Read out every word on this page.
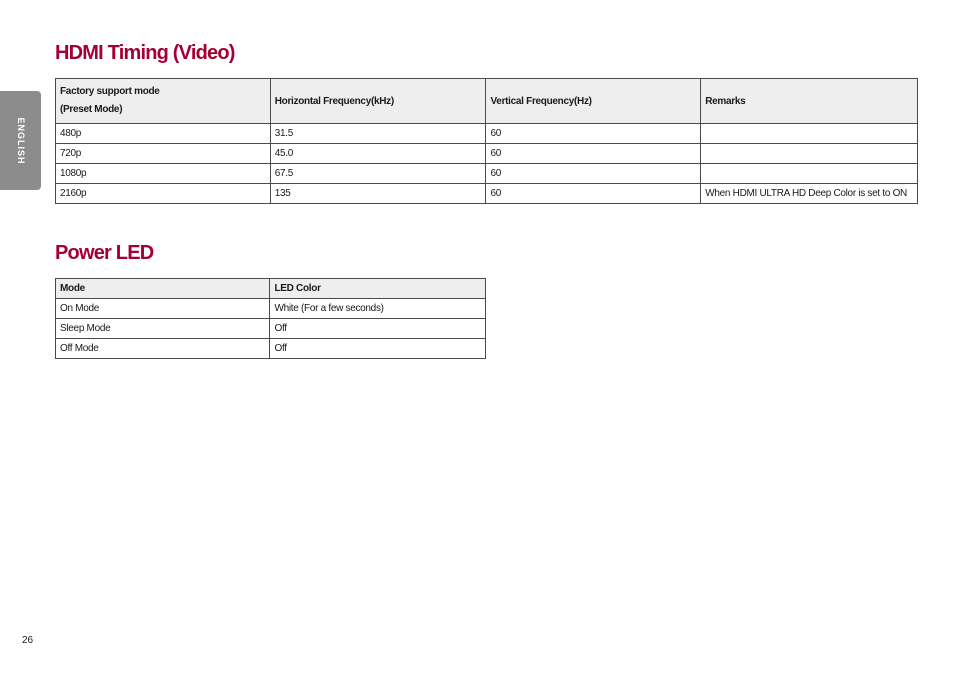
ENGLISH
HDMI Timing (Video)
Factory support mode
(Preset Mode)	Horizontal Frequency(kHz)	Vertical Frequency(Hz)	Remarks
480p	31.5	60	
720p	45.0	60	
1080p	67.5	60	
2160p	135	60	When HDMI ULTRA HD Deep Color is set to ON
Power LED
Mode	LED Color
On Mode	White (For a few seconds)
Sleep Mode	Off
Off Mode	Off
26
